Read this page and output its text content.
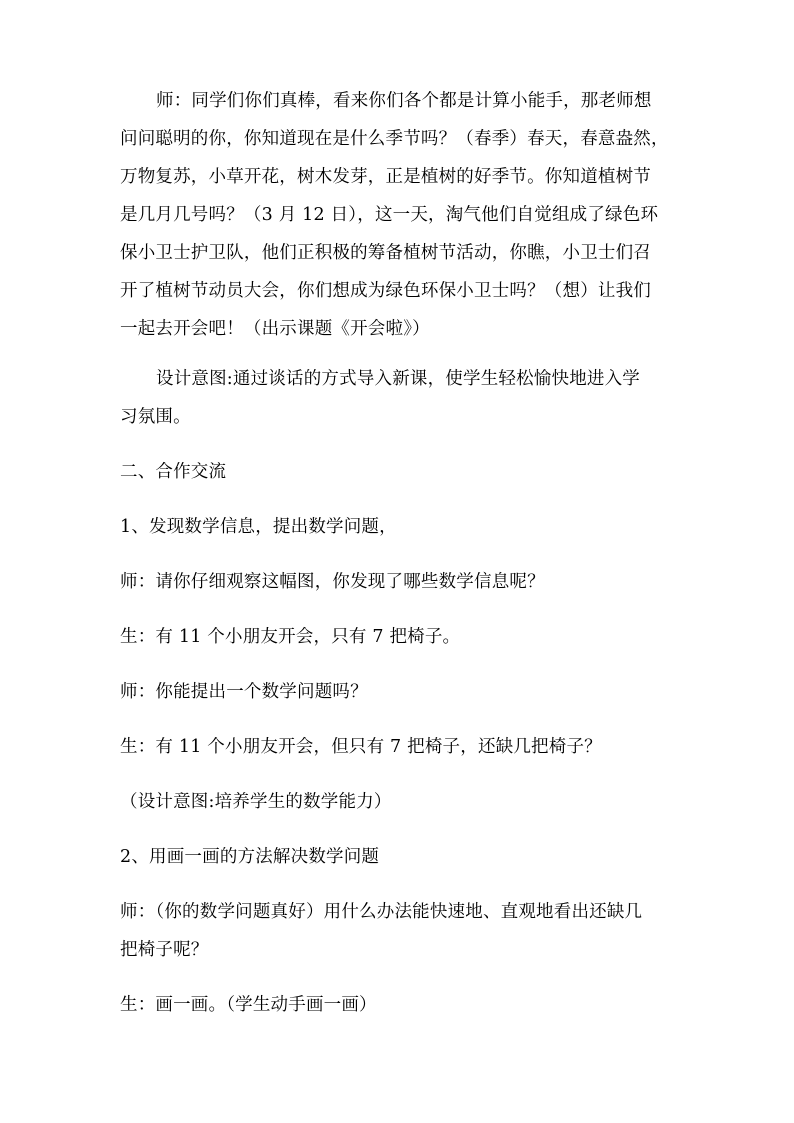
师：同学们你们真棒，看来你们各个都是计算小能手，那老师想
问问聪明的你，你知道现在是什么季节吗？（春季）春天，春意盎然，
万物复苏，小草开花，树木发芽，正是植树的好季节。你知道植树节
是几月几号吗？（3 月 12 日），这一天，淘气他们自觉组成了绿色环
保小卫士护卫队，他们正积极的筹备植树节活动，你瞧，小卫士们召
开了植树节动员大会，你们想成为绿色环保小卫士吗？（想）让我们
一起去开会吧！（出示课题《开会啦》）

设计意图:通过谈话的方式导入新课，使学生轻松愉快地进入学
习氛围。

二、合作交流

1、发现数学信息，提出数学问题，

师：请你仔细观察这幅图，你发现了哪些数学信息呢？

生：有 11 个小朋友开会，只有 7 把椅子。

师：你能提出一个数学问题吗？

生：有 11 个小朋友开会，但只有 7 把椅子，还缺几把椅子？

（设计意图:培养学生的数学能力）

2、用画一画的方法解决数学问题

师：（你的数学问题真好）用什么办法能快速地、直观地看出还缺几
把椅子呢？

生：画一画。（学生动手画一画）
